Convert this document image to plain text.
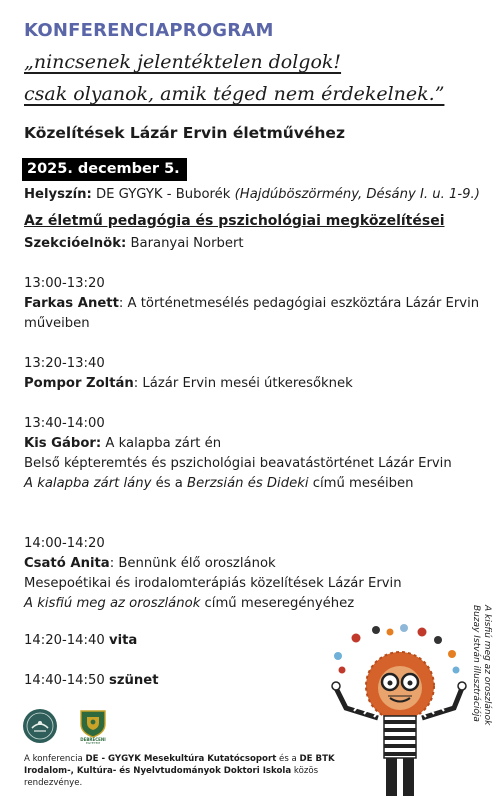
KONFERENCIAPROGRAM
„nincsenek jelentéktelen dolgok!
csak olyanok, amik téged nem érdekelnek.”
Közelítések Lázár Ervin életművéhez
2025. december 5.
Helyszín: DE GYGYK - Buborék (Hajdúböszörmény, Désány I. u. 1-9.)
Az életmű pedagógia és pszichológiai megközelítései
Szekcióelnök: Baranyai Norbert
13:00-13:20
Farkas Anett: A történetmesélés pedagógiai eszköztára Lázár Ervin műveiben
13:20-13:40
Pompor Zoltán: Lázár Ervin meséi útkeresőknek
13:40-14:00
Kis Gábor: A kalapba zárt én
Belső képteremtés és pszichológiai beavatástörténet Lázár Ervin A kalapba zárt lány és a Berzsián és Dideki című meséiben
14:00-14:20
Csató Anita: Bennünk élő oroszlánok
Mesepoétikai és irodalomterápiás közelítések Lázár Ervin
A kisfiú meg az oroszlánok című meseregényéhez
14:20-14:40 vita
14:40-14:50 szünet
DEBRECENI
EGYETEM
A konferencia DE - GYGYK Mesekultúra Kutatócsoport és a DE BTK Irodalom-, Kultúra- és Nyelvtudományok Doktori Iskola közös rendezvénye.
A kisfiú meg az oroszlánok
Buzay István illusztrációja
